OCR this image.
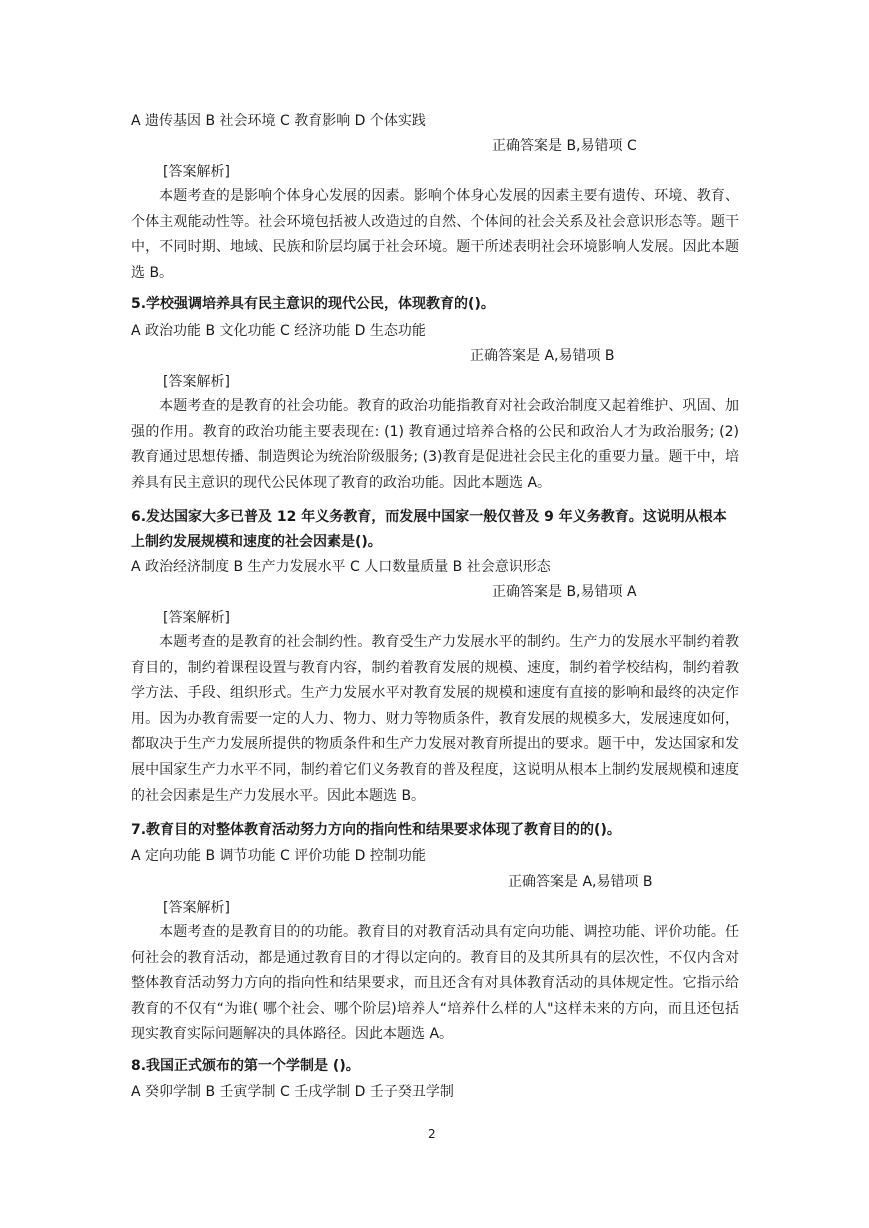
A 遗传基因 B 社会环境 C 教育影响 D 个体实践
正确答案是 B,易错项 C
[答案解析]
本题考查的是影响个体身心发展的因素。影响个体身心发展的因素主要有遗传、环境、教育、个体主观能动性等。社会环境包括被人改造过的自然、个体间的社会关系及社会意识形态等。题干中，不同时期、地域、民族和阶层均属于社会环境。题干所述表明社会环境影响人发展。因此本题选 B。
5.学校强调培养具有民主意识的现代公民，体现教育的()。
A 政治功能 B 文化功能 C 经济功能 D 生态功能
正确答案是 A,易错项 B
[答案解析]
本题考查的是教育的社会功能。教育的政治功能指教育对社会政治制度又起着维护、巩固、加强的作用。教育的政治功能主要表现在: (1) 教育通过培养合格的公民和政治人才为政治服务; (2) 教育通过思想传播、制造舆论为统治阶级服务; (3)教育是促进社会民主化的重要力量。题干中，培养具有民主意识的现代公民体现了教育的政治功能。因此本题选 A。
6.发达国家大多已普及 12 年义务教育，而发展中国家一般仅普及 9 年义务教育。这说明从根本上制约发展规模和速度的社会因素是()。
A 政治经济制度 B 生产力发展水平 C 人口数量质量 B 社会意识形态
正确答案是 B,易错项 A
[答案解析]
本题考查的是教育的社会制约性。教育受生产力发展水平的制约。生产力的发展水平制约着教育目的，制约着课程设置与教育内容，制约着教育发展的规模、速度，制约着学校结构，制约着教学方法、手段、组织形式。生产力发展水平对教育发展的规模和速度有直接的影响和最终的决定作用。因为办教育需要一定的人力、物力、财力等物质条件，教育发展的规模多大，发展速度如何，都取决于生产力发展所提供的物质条件和生产力发展对教育所提出的要求。题干中，发达国家和发展中国家生产力水平不同，制约着它们义务教育的普及程度，这说明从根本上制约发展规模和速度的社会因素是生产力发展水平。因此本题选 B。
7.教育目的对整体教育活动努力方向的指向性和结果要求体现了教育目的的()。
A 定向功能 B 调节功能 C 评价功能 D 控制功能
正确答案是 A,易错项 B
[答案解析]
本题考查的是教育目的的功能。教育目的对教育活动具有定向功能、调控功能、评价功能。任何社会的教育活动，都是通过教育目的才得以定向的。教育目的及其所具有的层次性，不仅内含对整体教育活动努力方向的指向性和结果要求，而且还含有对具体教育活动的具体规定性。它指示给教育的不仅有“为谁( 哪个社会、哪个阶层)培养人“培养什么样的人"这样未来的方向，而且还包括现实教育实际问题解决的具体路径。因此本题选 A。
8.我国正式颁布的第一个学制是 ()。
A 癸卯学制 B 壬寅学制 C 壬戌学制 D 壬子癸丑学制
2
